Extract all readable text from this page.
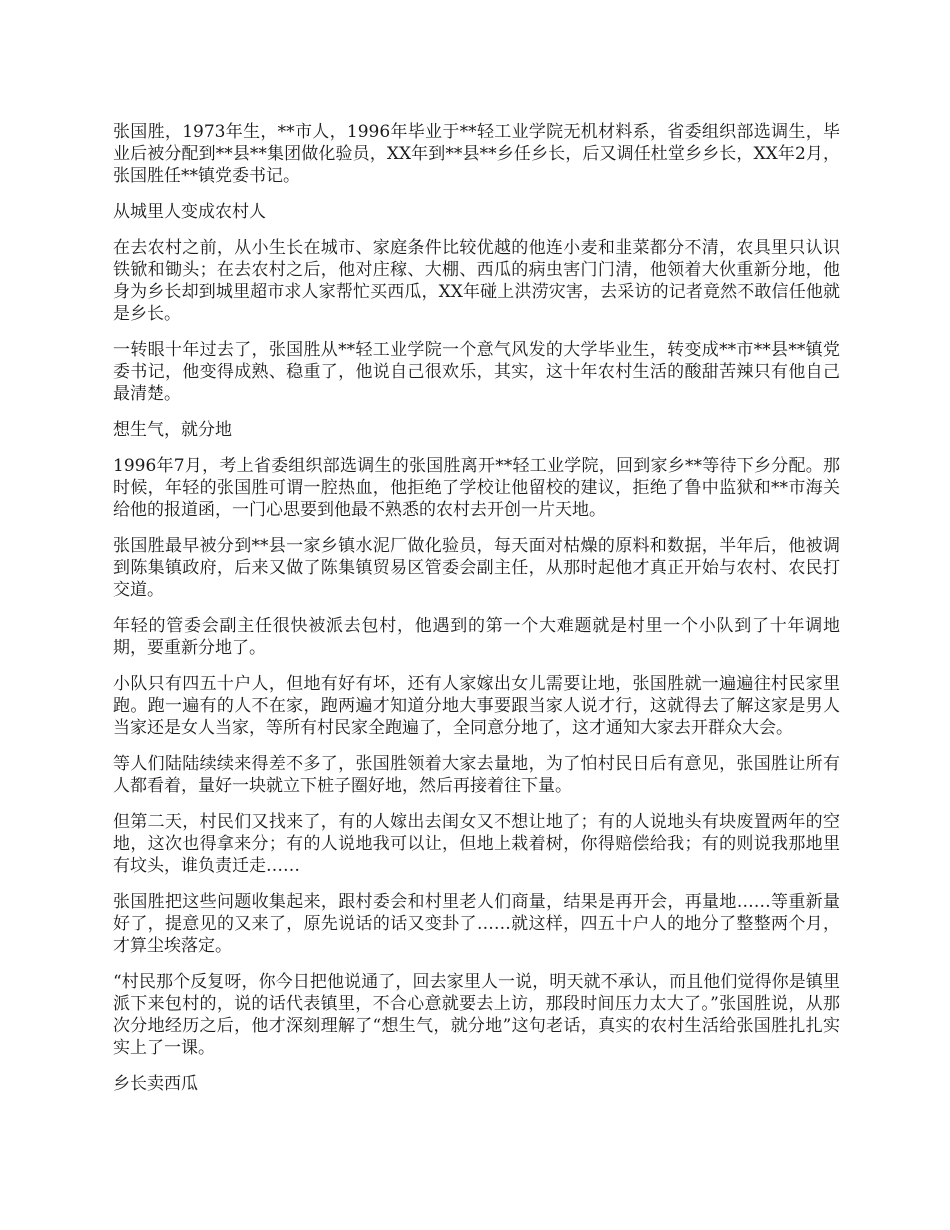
张国胜，1973年生，**市人，1996年毕业于**轻工业学院无机材料系，省委组织部选调生，毕业后被分配到**县**集团做化验员，XX年到**县**乡任乡长，后又调任杜堂乡乡长，XX年2月，张国胜任**镇党委书记。

从城里人变成农村人

在去农村之前，从小生长在城市、家庭条件比较优越的他连小麦和韭菜都分不清，农具里只认识铁锨和锄头；在去农村之后，他对庄稼、大棚、西瓜的病虫害门门清，他领着大伙重新分地，他身为乡长却到城里超市求人家帮忙买西瓜，XX年碰上洪涝灾害，去采访的记者竟然不敢信任他就是乡长。

一转眼十年过去了，张国胜从**轻工业学院一个意气风发的大学毕业生，转变成**市**县**镇党委书记，他变得成熟、稳重了，他说自己很欢乐，其实，这十年农村生活的酸甜苦辣只有他自己最清楚。

想生气，就分地

1996年7月，考上省委组织部选调生的张国胜离开**轻工业学院，回到家乡**等待下乡分配。那时候，年轻的张国胜可谓一腔热血，他拒绝了学校让他留校的建议，拒绝了鲁中监狱和**市海关给他的报道函，一门心思要到他最不熟悉的农村去开创一片天地。

张国胜最早被分到**县一家乡镇水泥厂做化验员，每天面对枯燥的原料和数据，半年后，他被调到陈集镇政府，后来又做了陈集镇贸易区管委会副主任，从那时起他才真正开始与农村、农民打交道。

年轻的管委会副主任很快被派去包村，他遇到的第一个大难题就是村里一个小队到了十年调地期，要重新分地了。

小队只有四五十户人，但地有好有坏，还有人家嫁出女儿需要让地，张国胜就一遍遍往村民家里跑。跑一遍有的人不在家，跑两遍才知道分地大事要跟当家人说才行，这就得去了解这家是男人当家还是女人当家，等所有村民家全跑遍了，全同意分地了，这才通知大家去开群众大会。

等人们陆陆续续来得差不多了，张国胜领着大家去量地，为了怕村民日后有意见，张国胜让所有人都看着，量好一块就立下桩子圈好地，然后再接着往下量。

但第二天，村民们又找来了，有的人嫁出去闺女又不想让地了；有的人说地头有块废置两年的空地，这次也得拿来分；有的人说地我可以让，但地上栽着树，你得赔偿给我；有的则说我那地里有坟头，谁负责迁走……

张国胜把这些问题收集起来，跟村委会和村里老人们商量，结果是再开会，再量地……等重新量好了，提意见的又来了，原先说话的话又变卦了……就这样，四五十户人的地分了整整两个月，才算尘埃落定。

“村民那个反复呀，你今日把他说通了，回去家里人一说，明天就不承认，而且他们觉得你是镇里派下来包村的，说的话代表镇里，不合心意就要去上访，那段时间压力太大了。”张国胜说，从那次分地经历之后，他才深刻理解了“想生气，就分地”这句老话，真实的农村生活给张国胜扎扎实实上了一课。

乡长卖西瓜
